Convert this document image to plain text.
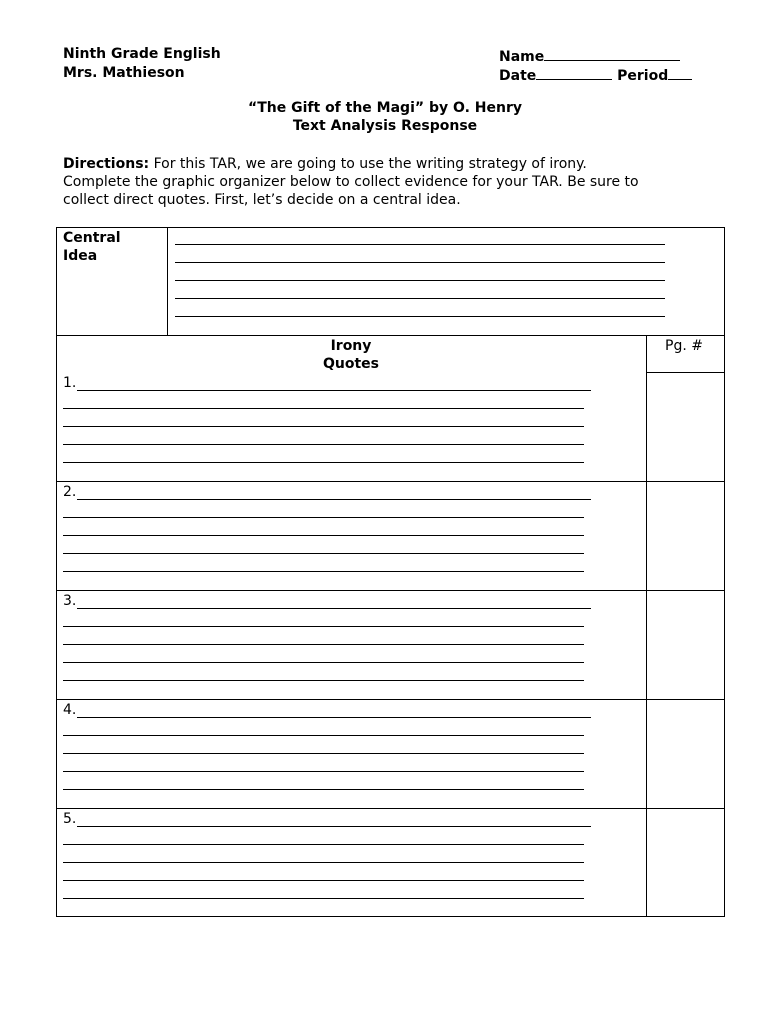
Ninth Grade English
Mrs. Mathieson
Name
Date	Period
“The Gift of the Magi” by O. Henry
Text Analysis Response
Directions: For this TAR, we are going to use the writing strategy of irony.
Complete the graphic organizer below to collect evidence for your TAR. Be sure to
collect direct quotes. First, let’s decide on a central idea.
Central
Idea
Irony
Quotes
Pg. #
1.
2.
3.
4.
5.
